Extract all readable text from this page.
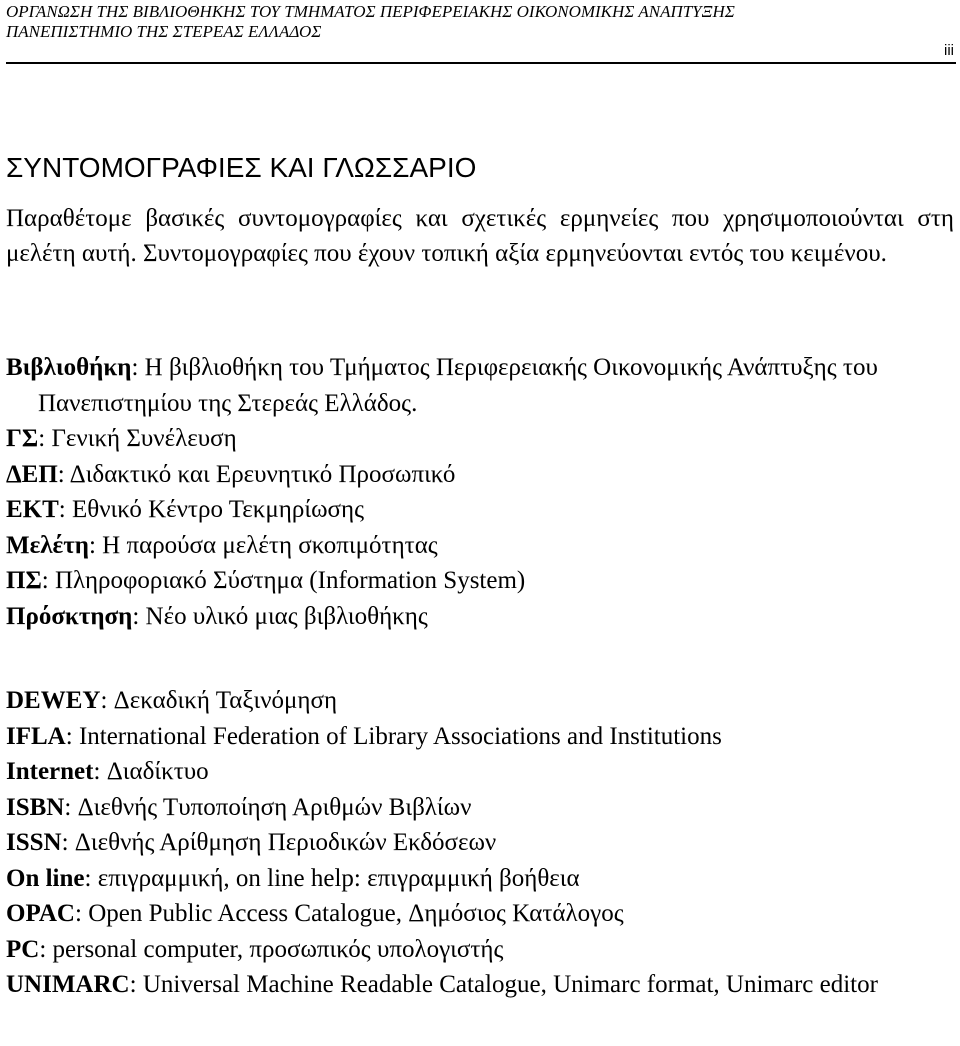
ΟΡΓΑΝΩΣΗ ΤΗΣ ΒΙΒΛΙΟΘΗΚΗΣ ΤΟΥ ΤΜΗΜΑΤΟΣ ΠΕΡΙΦΕΡΕΙΑΚΗΣ ΟΙΚΟΝΟΜΙΚΗΣ ΑΝΑΠΤΥΞΗΣ
ΠΑΝΕΠΙΣΤΗΜΙΟ ΤΗΣ ΣΤΕΡΕΑΣ ΕΛΛΑΔΟΣ
iii
ΣΥΝΤΟΜΟΓΡΑΦΙΕΣ ΚΑΙ ΓΛΩΣΣΑΡΙΟ
Παραθέτομε βασικές συντομογραφίες και σχετικές ερμηνείες που χρησιμοποιούνται στη μελέτη αυτή. Συντομογραφίες που έχουν τοπική αξία ερμηνεύονται εντός του κειμένου.
Βιβλιοθήκη: Η βιβλιοθήκη του Τμήματος Περιφερειακής Οικονομικής Ανάπτυξης του Πανεπιστημίου της Στερεάς Ελλάδος.
ΓΣ: Γενική Συνέλευση
ΔΕΠ: Διδακτικό και Ερευνητικό Προσωπικό
ΕΚΤ: Εθνικό Κέντρο Τεκμηρίωσης
Μελέτη: Η παρούσα μελέτη σκοπιμότητας
ΠΣ: Πληροφοριακό Σύστημα (Information System)
Πρόσκτηση: Νέο υλικό μιας βιβλιοθήκης
DEWEY: Δεκαδική Ταξινόμηση
IFLA: International Federation of Library Associations and Institutions
Internet: Διαδίκτυο
ISBN: Διεθνής Τυποποίηση Αριθμών Βιβλίων
ISSN: Διεθνής Αρίθμηση Περιοδικών Εκδόσεων
On line: επιγραμμική, on line help: επιγραμμική βοήθεια
OPAC: Open Public Access Catalogue, Δημόσιος Κατάλογος
PC: personal computer, προσωπικός υπολογιστής
UNIMARC: Universal Machine Readable Catalogue, Unimarc format, Unimarc editor
